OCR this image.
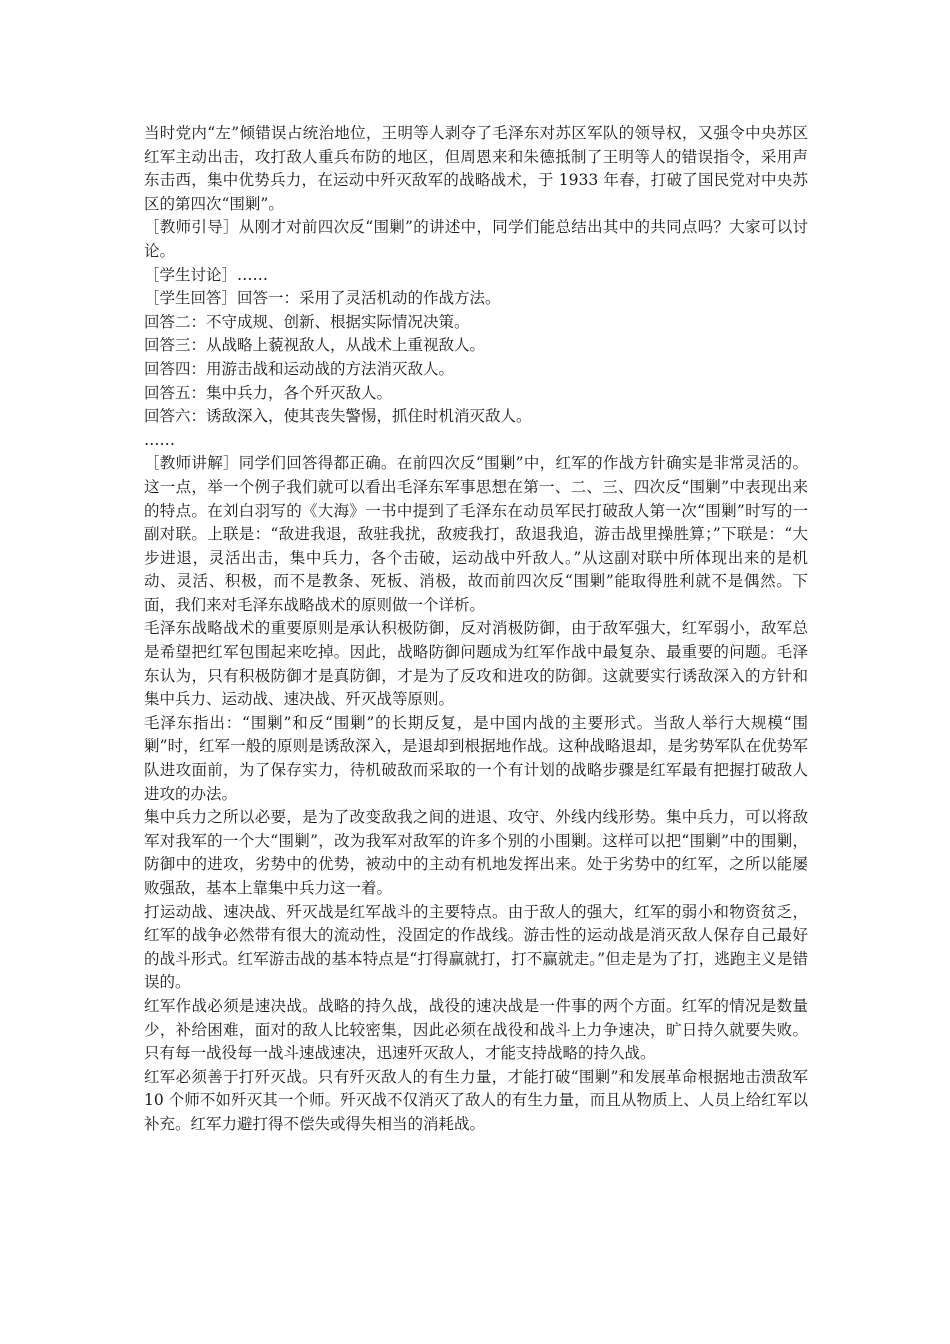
当时党内“左”倾错误占统治地位，王明等人剥夺了毛泽东对苏区军队的领导权，又强令中央苏区红军主动出击，攻打敌人重兵布防的地区，但周恩来和朱德抵制了王明等人的错误指令，采用声东击西，集中优势兵力，在运动中歼灭敌军的战略战术，于 1933 年春，打破了国民党对中央苏区的第四次“围剿”。

［教师引导］从刚才对前四次反“围剿”的讲述中，同学们能总结出其中的共同点吗？大家可以讨论。

［学生讨论］……

［学生回答］回答一：采用了灵活机动的作战方法。

回答二：不守成规、创新、根据实际情况决策。

回答三：从战略上藐视敌人，从战术上重视敌人。

回答四：用游击战和运动战的方法消灭敌人。

回答五：集中兵力，各个歼灭敌人。

回答六：诱敌深入，使其丧失警惕，抓住时机消灭敌人。

……

［教师讲解］同学们回答得都正确。在前四次反“围剿”中，红军的作战方针确实是非常灵活的。这一点，举一个例子我们就可以看出毛泽东军事思想在第一、二、三、四次反“围剿”中表现出来的特点。在刘白羽写的《大海》一书中提到了毛泽东在动员军民打破敌人第一次“围剿”时写的一副对联。上联是：“敌进我退，敌驻我扰，敌疲我打，敌退我追，游击战里操胜算；”下联是：“大步进退，灵活出击，集中兵力，各个击破，运动战中歼敌人。”从这副对联中所体现出来的是机动、灵活、积极，而不是教条、死板、消极，故而前四次反“围剿”能取得胜利就不是偶然。下面，我们来对毛泽东战略战术的原则做一个详析。

毛泽东战略战术的重要原则是承认积极防御，反对消极防御，由于敌军强大，红军弱小，敌军总是希望把红军包围起来吃掉。因此，战略防御问题成为红军作战中最复杂、最重要的问题。毛泽东认为，只有积极防御才是真防御，才是为了反攻和进攻的防御。这就要实行诱敌深入的方针和集中兵力、运动战、速决战、歼灭战等原则。

毛泽东指出：“围剿”和反“围剿”的长期反复，是中国内战的主要形式。当敌人举行大规模“围剿”时，红军一般的原则是诱敌深入，是退却到根据地作战。这种战略退却，是劣势军队在优势军队进攻面前，为了保存实力，待机破敌而采取的一个有计划的战略步骤是红军最有把握打破敌人进攻的办法。

集中兵力之所以必要，是为了改变敌我之间的进退、攻守、外线内线形势。集中兵力，可以将敌军对我军的一个大“围剿”，改为我军对敌军的许多个别的小围剿。这样可以把“围剿”中的围剿，防御中的进攻，劣势中的优势，被动中的主动有机地发挥出来。处于劣势中的红军，之所以能屡败强敌，基本上靠集中兵力这一着。

打运动战、速决战、歼灭战是红军战斗的主要特点。由于敌人的强大，红军的弱小和物资贫乏，红军的战争必然带有很大的流动性，没固定的作战线。游击性的运动战是消灭敌人保存自己最好的战斗形式。红军游击战的基本特点是“打得赢就打，打不赢就走。”但走是为了打，逃跑主义是错误的。

红军作战必须是速决战。战略的持久战，战役的速决战是一件事的两个方面。红军的情况是数量少，补给困难，面对的敌人比较密集，因此必须在战役和战斗上力争速决，旷日持久就要失败。只有每一战役每一战斗速战速决，迅速歼灭敌人，才能支持战略的持久战。

红军必须善于打歼灭战。只有歼灭敌人的有生力量，才能打破“围剿”和发展革命根据地击溃敌军 10 个师不如歼灭其一个师。歼灭战不仅消灭了敌人的有生力量，而且从物质上、人员上给红军以补充。红军力避打得不偿失或得失相当的消耗战。
